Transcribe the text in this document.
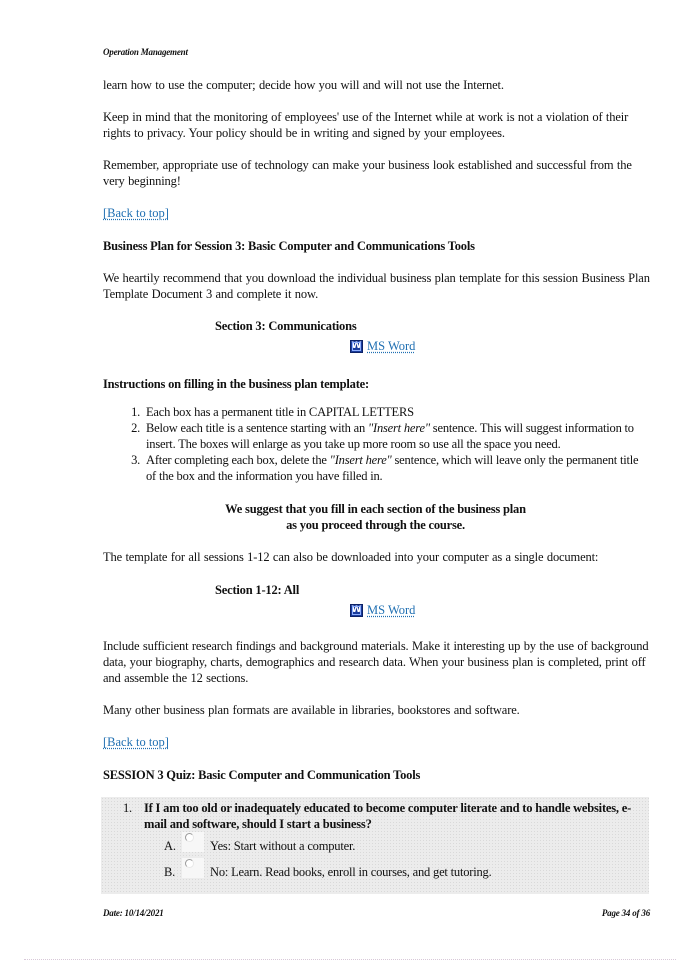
Operation Management
learn how to use the computer; decide how you will and will not use the Internet.
Keep in mind that the monitoring of employees' use of the Internet while at work is not a violation of their rights to privacy. Your policy should be in writing and signed by your employees.
Remember, appropriate use of technology can make your business look established and successful from the very beginning!
[Back to top]
Business Plan for Session 3: Basic Computer and Communications Tools
We heartily recommend that you download the individual business plan template for this session Business Plan Template Document 3 and complete it now.
Section 3: Communications
W MS Word
Instructions on filling in the business plan template:
1. Each box has a permanent title in CAPITAL LETTERS
2. Below each title is a sentence starting with an "Insert here" sentence. This will suggest information to insert. The boxes will enlarge as you take up more room so use all the space you need.
3. After completing each box, delete the "Insert here" sentence, which will leave only the permanent title of the box and the information you have filled in.
We suggest that you fill in each section of the business plan
as you proceed through the course.
The template for all sessions 1-12 can also be downloaded into your computer as a single document:
Section 1-12: All
W MS Word
Include sufficient research findings and background materials. Make it interesting up by the use of background data, your biography, charts, demographics and research data. When your business plan is completed, print off and assemble the 12 sections.
Many other business plan formats are available in libraries, bookstores and software.
[Back to top]
SESSION 3 Quiz: Basic Computer and Communication Tools
1. If I am too old or inadequately educated to become computer literate and to handle websites, e-mail and software, should I start a business?
A.	Yes: Start without a computer.
B.	No: Learn. Read books, enroll in courses, and get tutoring.
Date: 10/14/2021	Page 34 of 36
